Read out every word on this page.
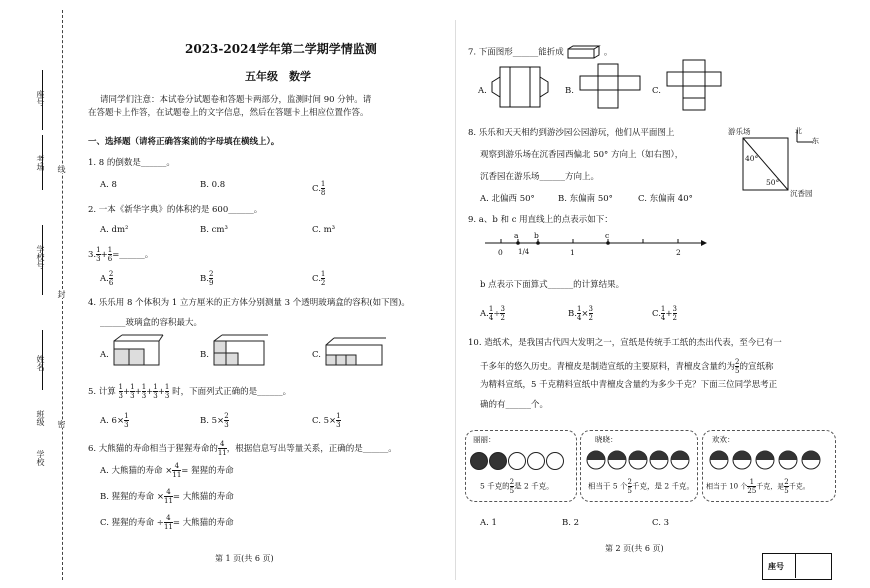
座号
考场
学校号
姓名
班级
学校
线
封
密
2023-2024学年第二学期学情监测
五年级　数学
请同学们注意：本试卷分试题卷和答题卡两部分，监测时间 90 分钟。请
在答题卡上作答，在试题卷上的文字信息，然后在答题卡上相应位置作答。
一、选择题（请将正确答案前的字母填在横线上）。
1. 8 的倒数是______。
A. 8	B. 0.8	C. $\frac{1}{8}$
2. 一本《新华字典》的体积约是 600______。
A. dm²	B. cm³	C. m³
3. $\frac{1}{3} + \frac{1}{6}$ =______。
A. $\frac{2}{6}$	B. $\frac{2}{9}$	C. $\frac{1}{2}$
4. 乐乐用 8 个体积为 1 立方厘米的正方体分别测量 3 个透明玻璃盒的容积(如下图)。
______玻璃盒的容积最大。
A.	B.	C.
5. 计算 $\frac{1}{3} + \frac{1}{3} + \frac{1}{3} + \frac{1}{3} + \frac{1}{3}$ 时，下面列式正确的是______。
A. $6\times \frac{1}{3}$	B. $5\times \frac{2}{3}$	C. $5\times \frac{1}{3}$
6. 大熊猫的寿命相当于猩猩寿命的 $\frac{4}{11}$ ，根据信息写出等量关系，正确的是______。
A. 大熊猫的寿命 × $\frac{4}{11}$ = 猩猩的寿命
B. 猩猩的寿命 × $\frac{4}{11}$ = 大熊猫的寿命
C. 猩猩的寿命 ÷ $\frac{4}{11}$ = 大熊猫的寿命
第 1 页(共 6 页)
7. 下面图形______能折成	。
A.	B.	C.
8. 乐乐和天天相约到游沙园公园游玩，他们从平面图上
观察到游乐场在沉香园西偏北 50° 方向上（如右图），
沉香园在游乐场______方向上。
A. 北偏西 50°	B. 东偏南 50°	C. 东偏南 40°
游乐场	北
东
40°
50°
沉香园
9. a、b 和 c 用直线上的点表示如下：
a b	c
0	1	2
1/4
b 点表示下面算式______的计算结果。
A. $\frac{1}{4} \div \frac{3}{2}$	B. $\frac{1}{4} \times \frac{3}{2}$	C. $\frac{1}{4} + \frac{3}{2}$
10. 造纸术，是我国古代四大发明之一，宣纸是传统手工纸的杰出代表，至今已有一
千多年的悠久历史。青檀皮是制造宣纸的主要原料，青檀皮含量约为 $\frac{2}{5}$ 的宣纸称
为精料宣纸，5 千克精料宣纸中青檀皮含量约为多少千克？下面三位同学思考正
确的有______个。
丽丽：
5 千克的 $\frac{2}{5}$ 是 2 千克。
晓晓：
相当于 5 个 $\frac{2}{5}$ 千克，是 2 千克。
欢欢：
相当于 10 个 $\frac{1}{25}$ 千克，是 $\frac{2}{5}$ 千克。
A. 1	B. 2	C. 3
第 2 页(共 6 页)
座号
